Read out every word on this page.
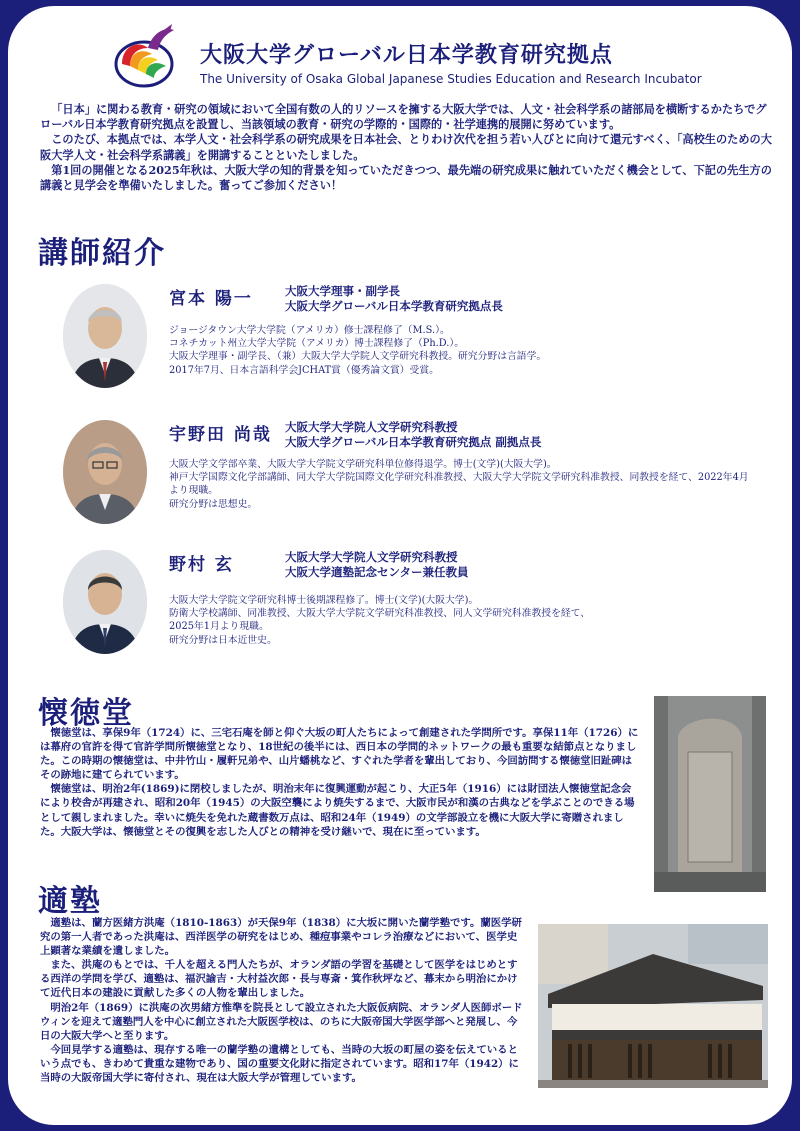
大阪大学グローバル日本学教育研究拠点
The University of Osaka Global Japanese Studies Education and Research Incubator

「日本」に関わる教育・研究の領域において全国有数の人的リソースを擁する大阪大学では、人文・社会科学系の諸部局を横断するかたちでグローバル日本学教育研究拠点を設置し、当該領域の教育・研究の学際的・国際的・社学連携的展開に努めています。

このたび、本拠点では、本学人文・社会科学系の研究成果を日本社会、とりわけ次代を担う若い人びとに向けて還元すべく、「高校生のための大阪大学人文・社会科学系講義」を開講することといたしました。

第1回の開催となる2025年秋は、大阪大学の知的背景を知っていただきつつ、最先端の研究成果に触れていただく機会として、下記の先生方の講義と見学会を準備いたしました。奮ってご参加ください！

講師紹介
宮本 陽一	大阪大学理事・副学長
大阪大学グローバル日本学教育研究拠点長
ジョージタウン大学大学院（アメリカ）修士課程修了（M.S.）。
コネチカット州立大学大学院（アメリカ）博士課程修了（Ph.D.）。
大阪大学理事・副学長、（兼）大阪大学大学院人文学研究科教授。研究分野は言語学。
2017年7月、日本言語科学会JCHAT賞（優秀論文賞）受賞。
宇野田 尚哉 大阪大学大学院人文学研究科教授
大阪大学グローバル日本学教育研究拠点 副拠点長
大阪大学文学部卒業、大阪大学大学院文学研究科単位修得退学。博士(文学)(大阪大学)。
神戸大学国際文化学部講師、同大学大学院国際文化学研究科准教授、大阪大学大学院文学研究科准教授、同教授を経て、2022年4月より現職。
研究分野は思想史。
野村 玄	大阪大学大学院人文学研究科教授
大阪大学適塾記念センター兼任教員
大阪大学大学院文学研究科博士後期課程修了。博士(文学)(大阪大学)。
防衛大学校講師、同准教授、大阪大学大学院文学研究科准教授、同人文学研究科准教授を経て、
2025年1月より現職。
研究分野は日本近世史。
懐徳堂

懐徳堂は、享保9年（1724）に、三宅石庵を師と仰ぐ大坂の町人たちによって創建された学問所です。享保11年（1726）には幕府の官許を得て官許学問所懐徳堂となり、18世紀の後半には、西日本の学問的ネットワークの最も重要な結節点となりました。この時期の懐徳堂は、中井竹山・履軒兄弟や、山片蟠桃など、すぐれた学者を輩出しており、今回訪問する懐徳堂旧趾碑はその跡地に建てられています。

懐徳堂は、明治2年(1869)に閉校しましたが、明治末年に復興運動が起こり、大正5年（1916）には財団法人懐徳堂記念会により校舎が再建され、昭和20年（1945）の大阪空襲により焼失するまで、大阪市民が和漢の古典などを学ぶことのできる場として親しまれました。幸いに焼失を免れた蔵書数万点は、昭和24年（1949）の文学部設立を機に大阪大学に寄贈されました。大阪大学は、懐徳堂とその復興を志した人びとの精神を受け継いで、現在に至っています。

適塾

適塾は、蘭方医緒方洪庵（1810-1863）が天保9年（1838）に大坂に開いた蘭学塾です。蘭医学研究の第一人者であった洪庵は、西洋医学の研究をはじめ、種痘事業やコレラ治療などにおいて、医学史上顕著な業績を遺しました。

また、洪庵のもとでは、千人を超える門人たちが、オランダ語の学習を基礎として医学をはじめとする西洋の学問を学び、適塾は、福沢諭吉・大村益次郎・長与専斎・箕作秋坪など、幕末から明治にかけて近代日本の建設に貢献した多くの人物を輩出しました。

明治2年（1869）に洪庵の次男緒方惟準を院長として設立された大阪仮病院、オランダ人医師ボードウィンを迎えて適塾門人を中心に創立された大阪医学校は、のちに大阪帝国大学医学部へと発展し、今日の大阪大学へと至ります。

今回見学する適塾は、現存する唯一の蘭学塾の遺構としても、当時の大坂の町屋の姿を伝えているという点でも、きわめて貴重な建物であり、国の重要文化財に指定されています。昭和17年（1942）に当時の大阪帝国大学に寄付され、現在は大阪大学が管理しています。
